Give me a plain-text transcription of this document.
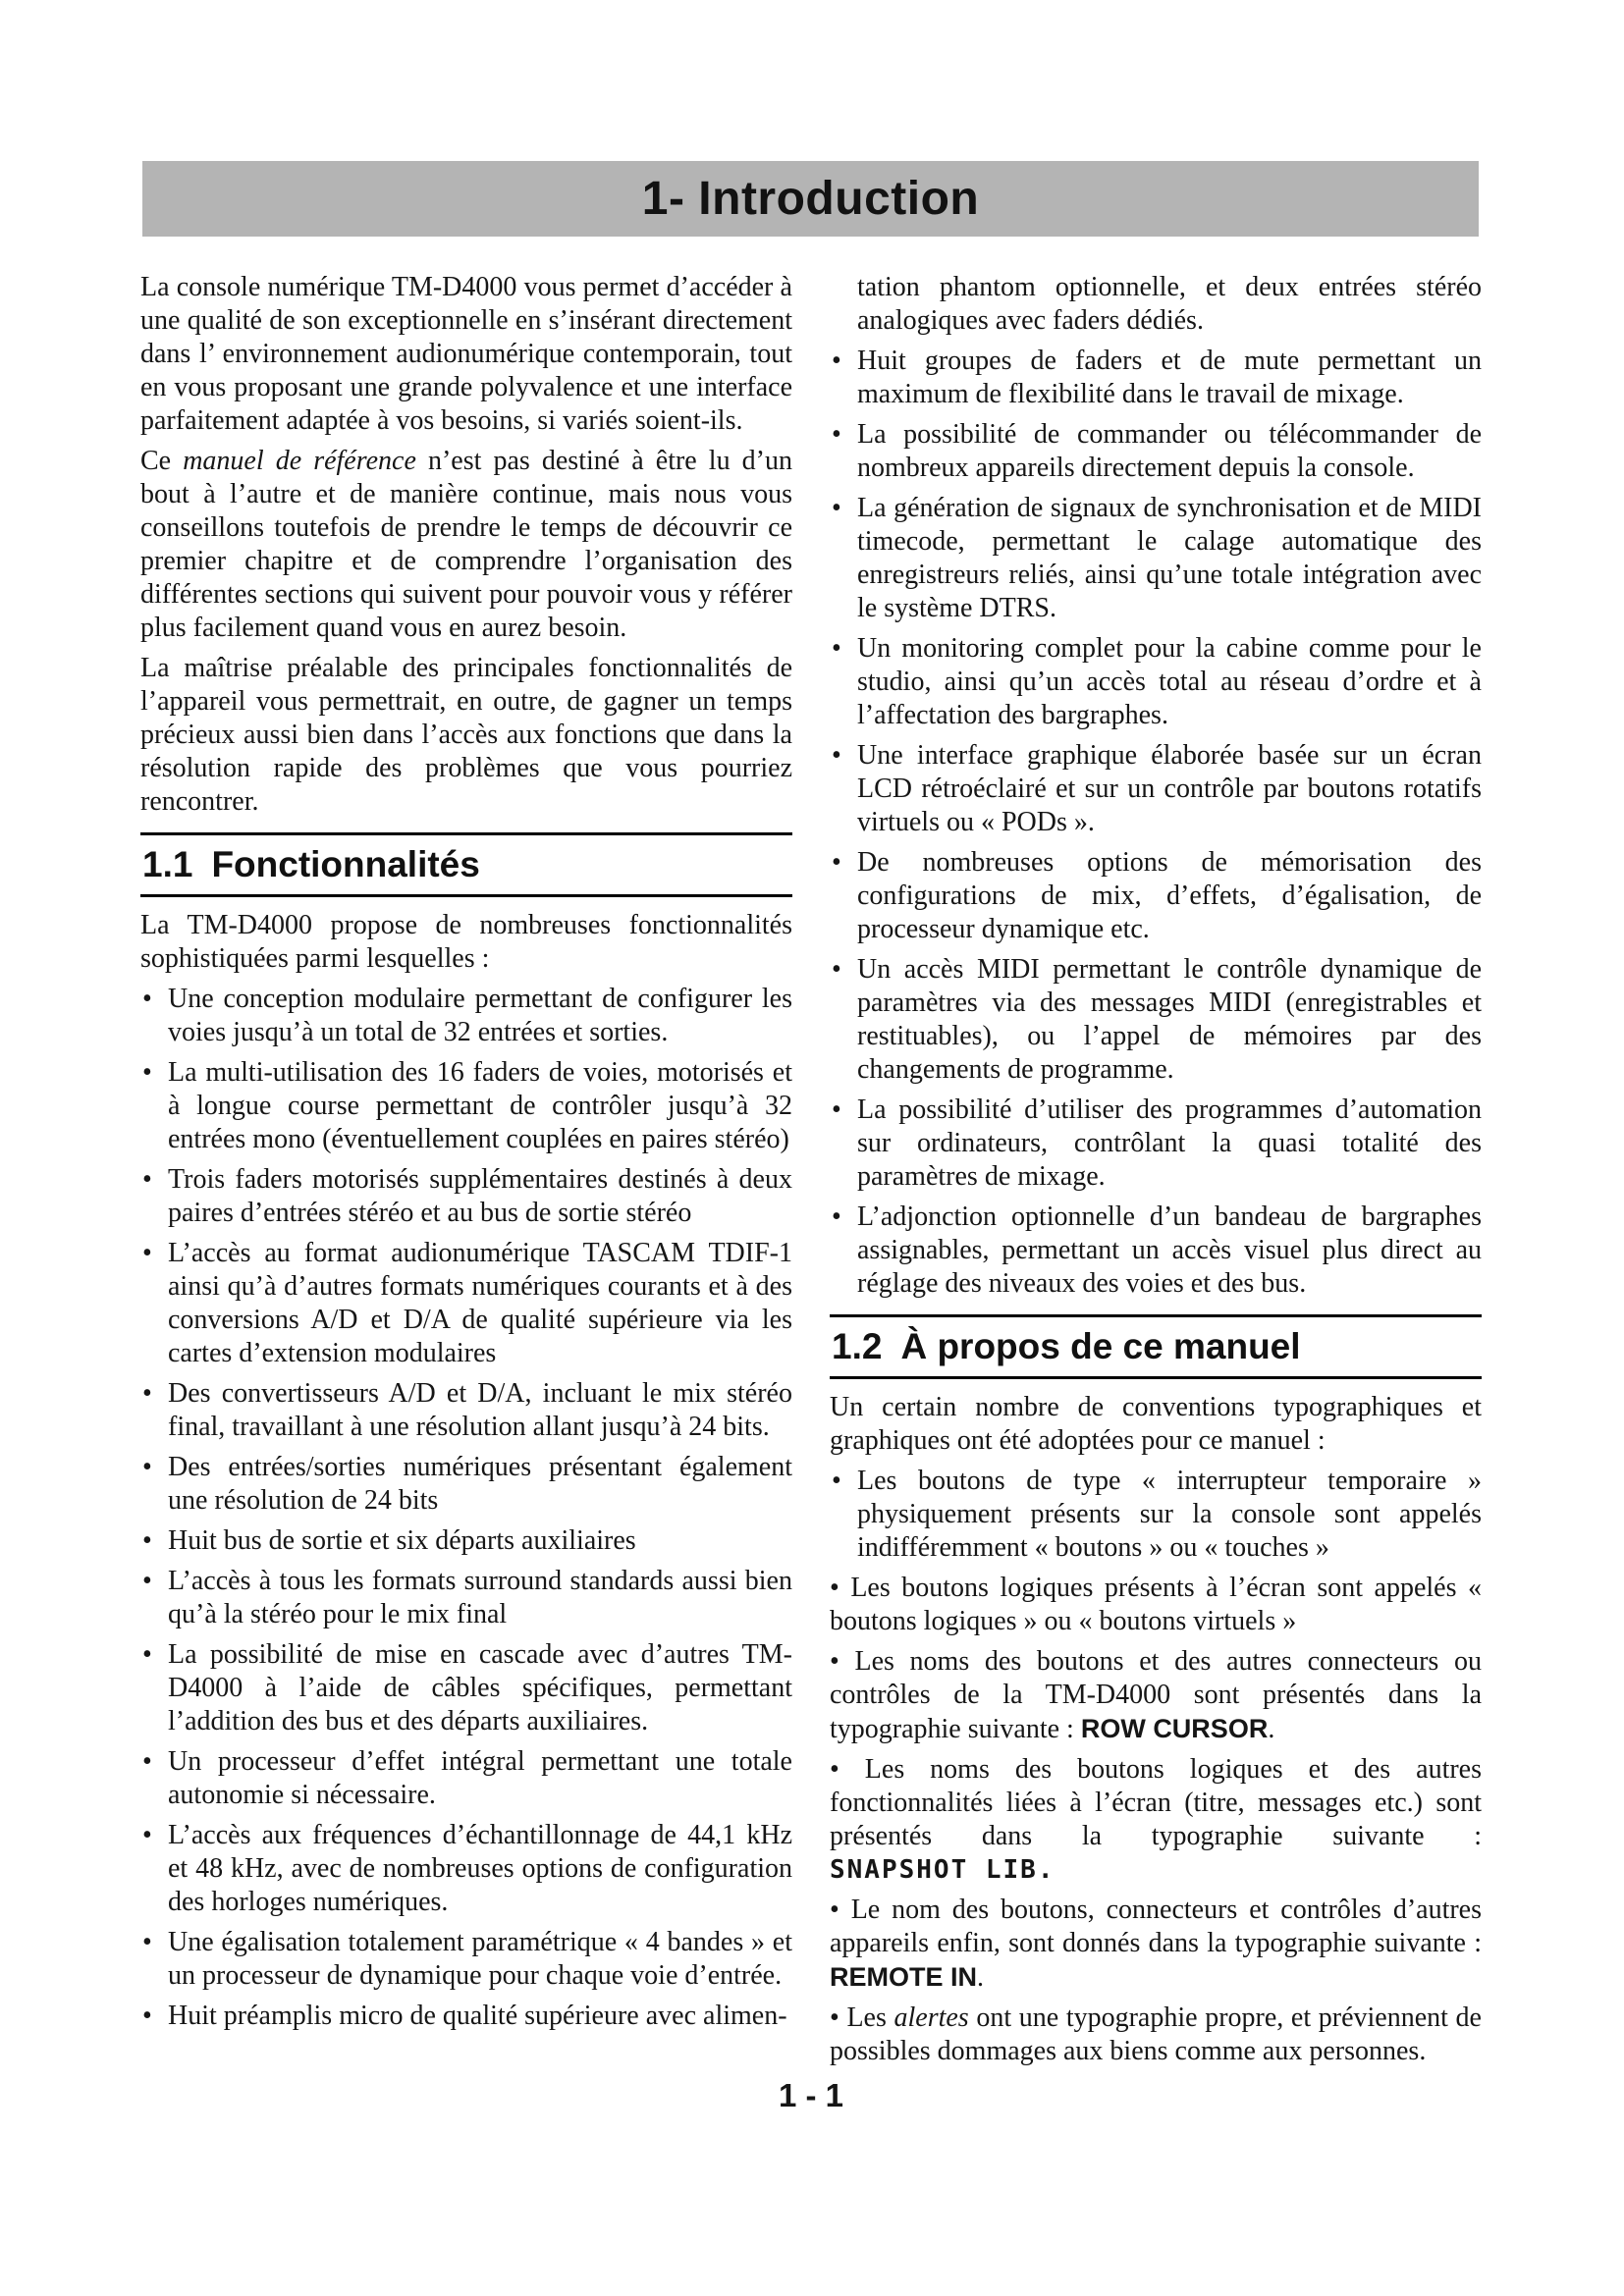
1- Introduction

La console numérique TM-D4000 vous permet d’accéder à une qualité de son exceptionnelle en s’insérant directement dans l’ environnement audionumérique contemporain, tout en vous proposant une grande polyvalence et une interface parfaitement adaptée à vos besoins, si variés soient-ils.

Ce manuel de référence n’est pas destiné à être lu d’un bout à l’autre et de manière continue, mais nous vous conseillons toutefois de prendre le temps de découvrir ce premier chapitre et de comprendre l’organisation des différentes sections qui suivent pour pouvoir vous y référer plus facilement quand vous en aurez besoin.

La maîtrise préalable des principales fonctionnalités de l’appareil vous permettrait, en outre, de gagner un temps précieux aussi bien dans l’accès aux fonctions que dans la résolution rapide des problèmes que vous pourriez rencontrer.

1.1 Fonctionnalités

La TM-D4000 propose de nombreuses fonctionnalités sophistiquées parmi lesquelles :

• Une conception modulaire permettant de configurer les voies jusqu’à un total de 32 entrées et sorties.

• La multi-utilisation des 16 faders de voies, motorisés et à longue course permettant de contrôler jusqu’à 32 entrées mono (éventuellement couplées en paires stéréo)

• Trois faders motorisés supplémentaires destinés à deux paires d’entrées stéréo et au bus de sortie stéréo

• L’accès au format audionumérique TASCAM TDIF-1 ainsi qu’à d’autres formats numériques courants et à des conversions A/D et D/A de qualité supérieure via les cartes d’extension modulaires

• Des convertisseurs A/D et D/A, incluant le mix stéréo final, travaillant à une résolution allant jusqu’à 24 bits.

• Des entrées/sorties numériques présentant également une résolution de 24 bits

• Huit bus de sortie et six départs auxiliaires

• L’accès à tous les formats surround standards aussi bien qu’à la stéréo pour le mix final

• La possibilité de mise en cascade avec d’autres TM-D4000 à l’aide de câbles spécifiques, permettant l’addition des bus et des départs auxiliaires.

• Un processeur d’effet intégral permettant une totale autonomie si nécessaire.

• L’accès aux fréquences d’échantillonnage de 44,1 kHz et 48 kHz, avec de nombreuses options de configuration des horloges numériques.

• Une égalisation totalement paramétrique « 4 bandes » et un processeur de dynamique pour chaque voie d’entrée.

• Huit préamplis micro de qualité supérieure avec alimen-

tation phantom optionnelle, et deux entrées stéréo analogiques avec faders dédiés.

• Huit groupes de faders et de mute permettant un maximum de flexibilité dans le travail de mixage.

• La possibilité de commander ou télécommander de nombreux appareils directement depuis la console.

• La génération de signaux de synchronisation et de MIDI timecode, permettant le calage automatique des enregistreurs reliés, ainsi qu’une totale intégration avec le système DTRS.

• Un monitoring complet pour la cabine comme pour le studio, ainsi qu’un accès total au réseau d’ordre et à l’affectation des bargraphes.

• Une interface graphique élaborée basée sur un écran LCD rétroéclairé et sur un contrôle par boutons rotatifs virtuels ou « PODs ».

• De nombreuses options de mémorisation des configurations de mix, d’effets, d’égalisation, de processeur dynamique etc.

• Un accès MIDI permettant le contrôle dynamique de paramètres via des messages MIDI (enregistrables et restituables), ou l’appel de mémoires par des changements de programme.

• La possibilité d’utiliser des programmes d’automation sur ordinateurs, contrôlant la quasi totalité des paramètres de mixage.

• L’adjonction optionnelle d’un bandeau de bargraphes assignables, permettant un accès visuel plus direct au réglage des niveaux des voies et des bus.

1.2 À propos de ce manuel

Un certain nombre de conventions typographiques et graphiques ont été adoptées pour ce manuel :

• Les boutons de type « interrupteur temporaire » physiquement présents sur la console sont appelés indifféremment « boutons » ou « touches »

• Les boutons logiques présents à l’écran sont appelés « boutons logiques » ou « boutons virtuels »

• Les noms des boutons et des autres connecteurs ou contrôles de la TM-D4000 sont présentés dans la typographie suivante : ROW CURSOR.

• Les noms des boutons logiques et des autres fonctionnalités liées à l’écran (titre, messages etc.) sont présentés dans la typographie suivante : SNAPSHOT LIB.

• Le nom des boutons, connecteurs et contrôles d’autres appareils enfin, sont donnés dans la typographie suivante : REMOTE IN.

• Les alertes ont une typographie propre, et préviennent de possibles dommages aux biens comme aux personnes.

1 - 1
